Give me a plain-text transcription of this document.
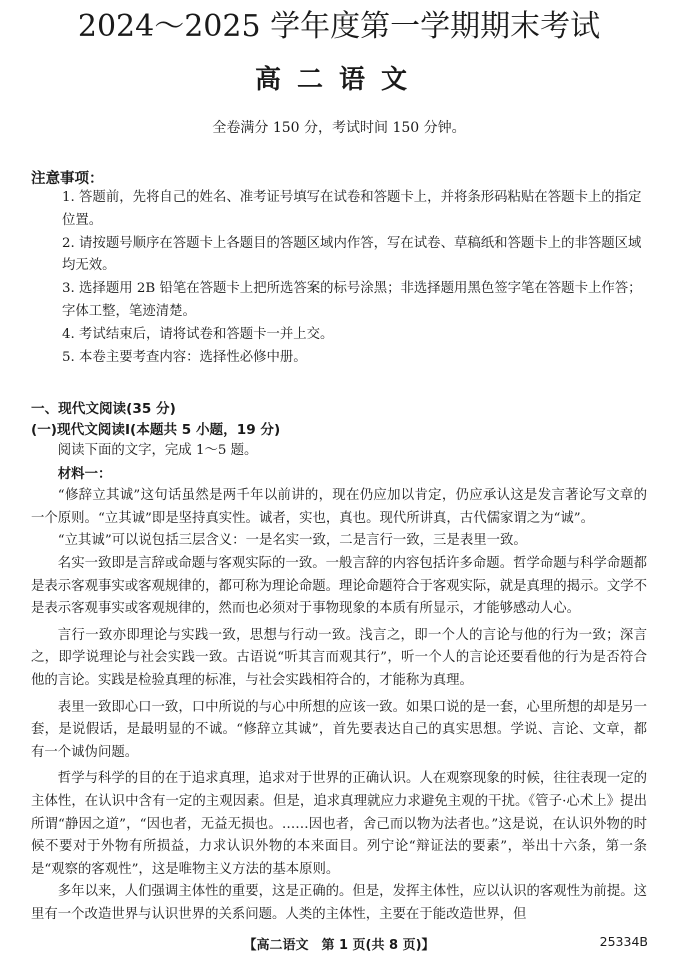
2024～2025 学年度第一学期期末考试
高二语文
全卷满分 150 分，考试时间 150 分钟。
注意事项：

1. 答题前，先将自己的姓名、准考证号填写在试卷和答题卡上，并将条形码粘贴在答题卡上的指定位置。

2. 请按题号顺序在答题卡上各题目的答题区域内作答，写在试卷、草稿纸和答题卡上的非答题区域均无效。

3. 选择题用 2B 铅笔在答题卡上把所选答案的标号涂黑；非选择题用黑色签字笔在答题卡上作答；字体工整，笔迹清楚。

4. 考试结束后，请将试卷和答题卡一并上交。

5. 本卷主要考查内容：选择性必修中册。

一、现代文阅读(35 分)
(一)现代文阅读Ⅰ(本题共 5 小题，19 分)

阅读下面的文字，完成 1～5 题。

材料一：

“修辞立其诚”这句话虽然是两千年以前讲的，现在仍应加以肯定，仍应承认这是发言著论写文章的一个原则。“立其诚”即是坚持真实性。诚者，实也，真也。现代所讲真，古代儒家谓之为“诚”。

“立其诚”可以说包括三层含义：一是名实一致，二是言行一致，三是表里一致。

名实一致即是言辞或命题与客观实际的一致。一般言辞的内容包括许多命题。哲学命题与科学命题都是表示客观事实或客观规律的，都可称为理论命题。理论命题符合于客观实际，就是真理的揭示。文学不是表示客观事实或客观规律的，然而也必须对于事物现象的本质有所显示，才能够感动人心。

言行一致亦即理论与实践一致，思想与行动一致。浅言之，即一个人的言论与他的行为一致；深言之，即学说理论与社会实践一致。古语说“听其言而观其行”，听一个人的言论还要看他的行为是否符合他的言论。实践是检验真理的标准，与社会实践相符合的，才能称为真理。

表里一致即心口一致，口中所说的与心中所想的应该一致。如果口说的是一套，心里所想的却是另一套，是说假话，是最明显的不诚。“修辞立其诚”，首先要表达自己的真实思想。学说、言论、文章，都有一个诚伪问题。

哲学与科学的目的在于追求真理，追求对于世界的正确认识。人在观察现象的时候，往往表现一定的主体性，在认识中含有一定的主观因素。但是，追求真理就应力求避免主观的干扰。《管子·心术上》提出所谓“静因之道”，“因也者，无益无损也。……因也者，舍己而以物为法者也。”这是说，在认识外物的时候不要对于外物有所损益，力求认识外物的本来面目。列宁论“辩证法的要素”，举出十六条，第一条是“观察的客观性”，这是唯物主义方法的基本原则。

多年以来，人们强调主体性的重要，这是正确的。但是，发挥主体性，应以认识的客观性为前提。这里有一个改造世界与认识世界的关系问题。人类的主体性，主要在于能改造世界，但

【高二语文　第 1 页(共 8 页)】	25334B
